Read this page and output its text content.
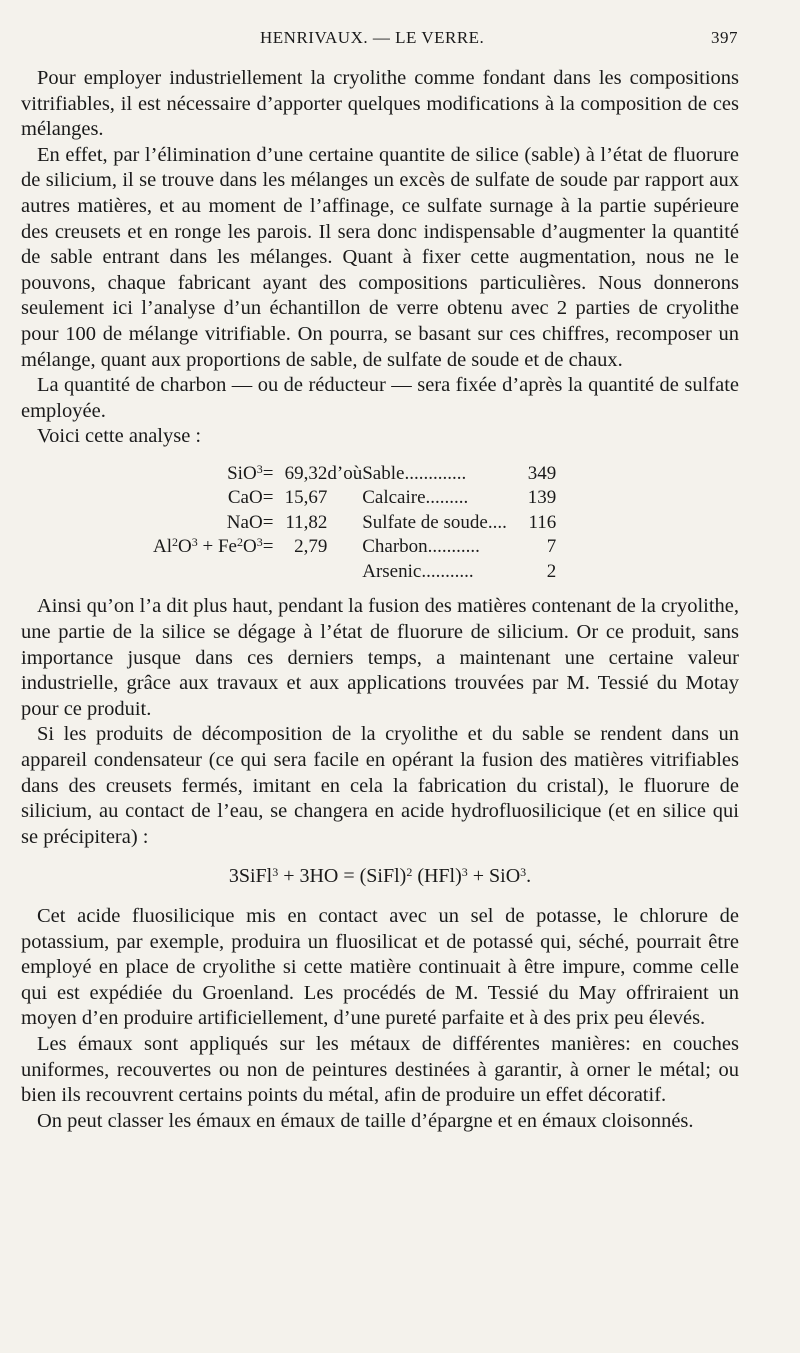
HENRIVAUX. — LE VERRE.	397

Pour employer industriellement la cryolithe comme fondant dans les compositions vitrifiables, il est nécessaire d’apporter quelques modifications à la composition de ces mélanges.

En effet, par l’élimination d’une certaine quantite de silice (sable) à l’état de fluorure de silicium, il se trouve dans les mélanges un excès de sulfate de soude par rapport aux autres matières, et au moment de l’affinage, ce sulfate surnage à la partie supérieure des creusets et en ronge les parois. Il sera donc indispensable d’augmenter la quantité de sable entrant dans les mélanges. Quant à fixer cette augmentation, nous ne le pouvons, chaque fabricant ayant des compositions particulières. Nous donnerons seulement ici l’analyse d’un échantillon de verre obtenu avec 2 parties de cryolithe pour 100 de mélange vitrifiable. On pourra, se basant sur ces chiffres, recomposer un mélange, quant aux proportions de sable, de sulfate de soude et de chaux.

La quantité de charbon — ou de réducteur — sera fixée d’après la quantité de sulfate employée.

Voici cette analyse :

SiO$^3$	=	69,32	d’où	Sable.............	349
CaO	=	15,67		Calcaire.........	139
NaO	=	11,82		Sulfate de soude....	116
$Al^2O^3 + Fe^2O^3$	=	2,79		Charbon...........	7
				Arsenic...........	2

Ainsi qu’on l’a dit plus haut, pendant la fusion des matières contenant de la cryolithe, une partie de la silice se dégage à l’état de fluorure de silicium. Or ce produit, sans importance jusque dans ces derniers temps, a maintenant une certaine valeur industrielle, grâce aux travaux et aux applications trouvées par M. Tessié du Motay pour ce produit.

Si les produits de décomposition de la cryolithe et du sable se rendent dans un appareil condensateur (ce qui sera facile en opérant la fusion des matières vitrifiables dans des creusets fermés, imitant en cela la fabrication du cristal), le fluorure de silicium, au contact de l’eau, se changera en acide hydrofluosilicique (et en silice qui se précipitera) :

3SiFl$^3$ + 3HO = (SiFl)$^2$ (HFl)$^3$ + SiO$^3$.

Cet acide fluosilicique mis en contact avec un sel de potasse, le chlorure de potassium, par exemple, produira un fluosilicat et de potassé qui, séché, pourrait être employé en place de cryolithe si cette matière continuait à être impure, comme celle qui est expédiée du Groenland. Les procédés de M. Tessié du May offriraient un moyen d’en produire artificiellement, d’une pureté parfaite et à des prix peu élevés.

Les émaux sont appliqués sur les métaux de différentes manières: en couches uniformes, recouvertes ou non de peintures destinées à garantir, à orner le métal; ou bien ils recouvrent certains points du métal, afin de produire un effet décoratif.

On peut classer les émaux en émaux de taille d’épargne et en émaux cloisonnés.
